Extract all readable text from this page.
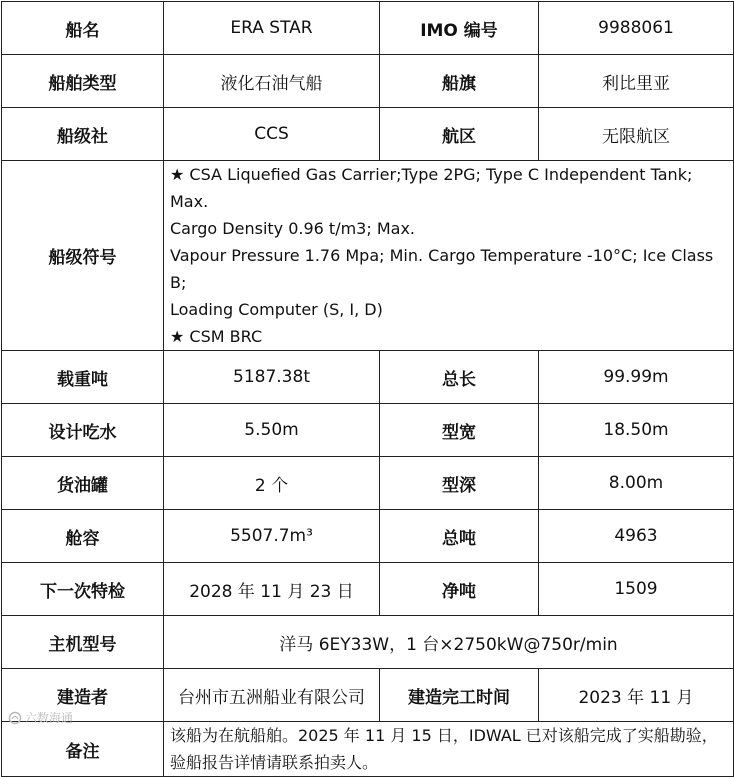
船名	ERA STAR	IMO 编号	9988061
船舶类型	液化石油气船	船旗	利比里亚
船级社	CCS	航区	无限航区
船级符号	★ CSA Liquefied Gas Carrier;Type 2PG; Type C Independent Tank; Max.
Cargo Density 0.96 t/m3; Max.
Vapour Pressure 1.76 Mpa; Min. Cargo Temperature -10°C; Ice Class B;
Loading Computer (S, I, D)
★ CSM BRC		

载重吨	5187.38t	总长	99.99m
设计吃水	5.50m	型宽	18.50m
货油罐	2 个	型深	8.00m
舱容	5507.7m³	总吨	4963
下一次特检	2028 年 11 月 23 日	净吨	1509
主机型号	洋马 6EY33W，1 台×2750kW@750r/min		
建造者	台州市五洲船业有限公司	建造完工时间	2023 年 11 月
备注	该船为在航船舶。2025 年 11 月 15 日，IDWAL 已对该船完成了实船勘验，验船报告详情请联系拍卖人。		
六数海通
